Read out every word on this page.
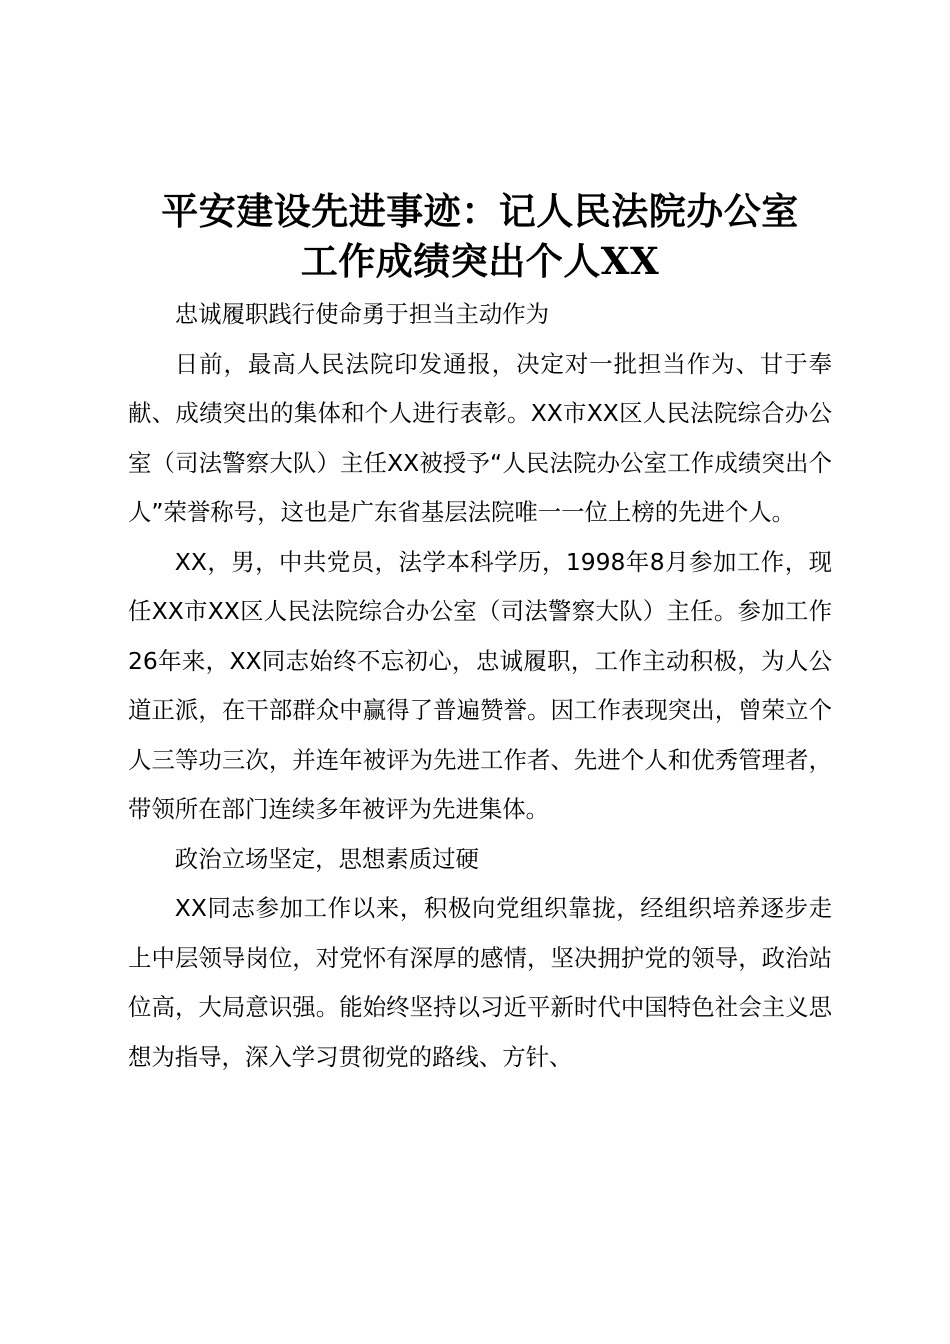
平安建设先进事迹：记人民法院办公室
工作成绩突出个人XX

忠诚履职践行使命勇于担当主动作为

日前，最高人民法院印发通报，决定对一批担当作为、甘于奉献、成绩突出的集体和个人进行表彰。XX市XX区人民法院综合办公室（司法警察大队）主任XX被授予“人民法院办公室工作成绩突出个人”荣誉称号，这也是广东省基层法院唯一一位上榜的先进个人。

XX，男，中共党员，法学本科学历，1998年8月参加工作，现任XX市XX区人民法院综合办公室（司法警察大队）主任。参加工作26年来，XX同志始终不忘初心，忠诚履职，工作主动积极，为人公道正派，在干部群众中赢得了普遍赞誉。因工作表现突出，曾荣立个人三等功三次，并连年被评为先进工作者、先进个人和优秀管理者，带领所在部门连续多年被评为先进集体。

政治立场坚定，思想素质过硬

XX同志参加工作以来，积极向党组织靠拢，经组织培养逐步走上中层领导岗位，对党怀有深厚的感情，坚决拥护党的领导，政治站位高，大局意识强。能始终坚持以习近平新时代中国特色社会主义思想为指导，深入学习贯彻党的路线、方针、
